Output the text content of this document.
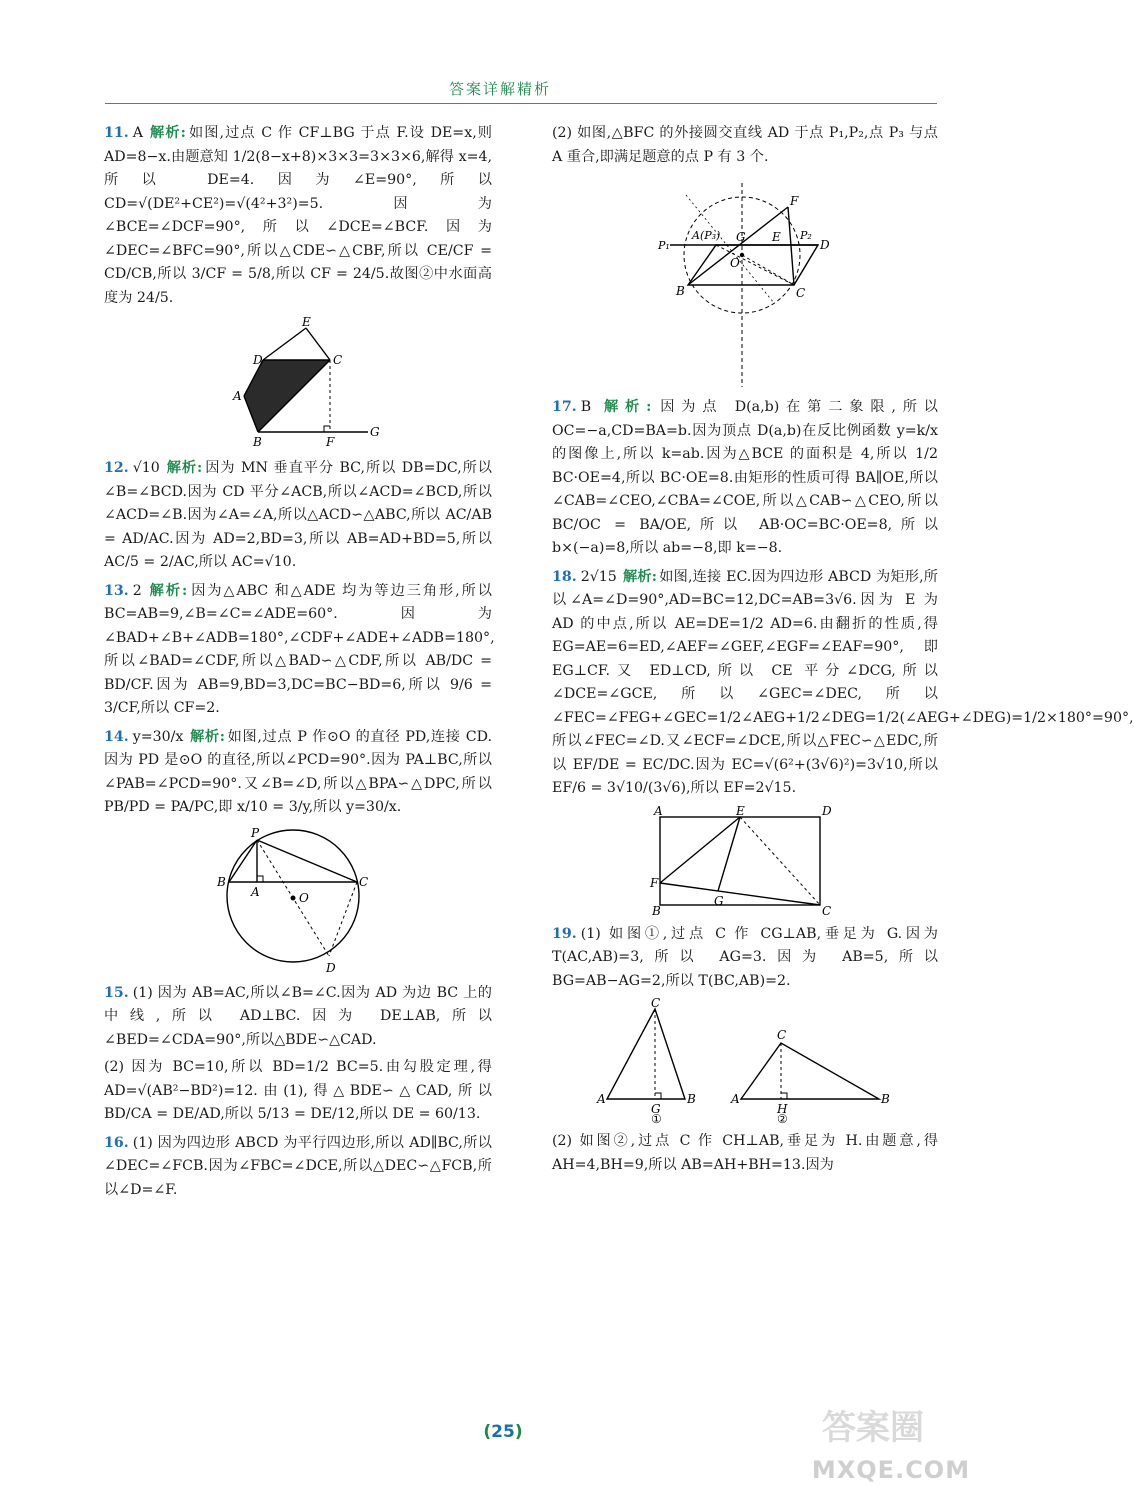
答案详解精析

11. A 解析: 如图,过点 C 作 CF⊥BG 于点 F.设 DE=x,则 AD=8−x.由题意知 1/2(8−x+8)×3×3=3×3×6,解得 x=4,所以 DE=4.因为∠E=90°,所以 CD=√(DE²+CE²)=√(4²+3²)=5.因为∠BCE=∠DCF=90°,所以∠DCE=∠BCF.因为∠DEC=∠BFC=90°,所以△CDE∽△CBF,所以 CE/CF = CD/CB,所以 3/CF = 5/8,所以 CF = 24/5.故图②中水面高度为 24/5.

E
D	C
A
B	F
G

12. √10 解析: 因为 MN 垂直平分 BC,所以 DB=DC,所以∠B=∠BCD.因为 CD 平分∠ACB,所以∠ACD=∠BCD,所以∠ACD=∠B.因为∠A=∠A,所以△ACD∽△ABC,所以 AC/AB = AD/AC.因为 AD=2,BD=3,所以 AB=AD+BD=5,所以 AC/5 = 2/AC,所以 AC=√10.

13. 2 解析: 因为△ABC 和△ADE 均为等边三角形,所以 BC=AB=9,∠B=∠C=∠ADE=60°.因为∠BAD+∠B+∠ADB=180°,∠CDF+∠ADE+∠ADB=180°,所以∠BAD=∠CDF,所以△BAD∽△CDF,所以 AB/DC = BD/CF.因为 AB=9,BD=3,DC=BC−BD=6,所以 9/6 = 3/CF,所以 CF=2.

14. y=30/x 解析: 如图,过点 P 作⊙O 的直径 PD,连接 CD.因为 PD 是⊙O 的直径,所以∠PCD=90°.因为 PA⊥BC,所以∠PAB=∠PCD=90°.又∠B=∠D,所以△BPA∽△DPC,所以 PB/PD = PA/PC,即 x/10 = 3/y,所以 y=30/x.

P
B
A	O
C
D
15. (1) 因为 AB=AC,所以∠B=∠C.因为 AD 为边 BC 上的中线,所以 AD⊥BC.因为 DE⊥AB,所以∠BED=∠CDA=90°,所以△BDE∽△CAD.
(2) 因为 BC=10,所以 BD=1/2 BC=5.由勾股定理,得 AD=√(AB²−BD²)=12.由(1),得△BDE∽△CAD,所以 BD/CA = DE/AD,所以 5/13 = DE/12,所以 DE = 60/13.
16. (1) 因为四边形 ABCD 为平行四边形,所以 AD∥BC,所以∠DEC=∠FCB.因为∠FBC=∠DCE,所以△DEC∽△FCB,所以∠D=∠F.

(2) 如图,△BFC 的外接圆交直线 AD 于点 P₁,P₂,点 P₃ 与点 A 重合,即满足题意的点 P 有 3 个.

F
A(P₃) G E P₂
D
P₁
O
B	C

17. B 解析: 因为点 D(a,b)在第二象限,所以 OC=−a,CD=BA=b.因为顶点 D(a,b)在反比例函数 y=k/x 的图像上,所以 k=ab.因为△BCE 的面积是 4,所以 1/2 BC·OE=4,所以 BC·OE=8.由矩形的性质可得 BA∥OE,所以∠CAB=∠CEO,∠CBA=∠COE,所以△CAB∽△CEO,所以 BC/OC = BA/OE,所以 AB·OC=BC·OE=8,所以 b×(−a)=8,所以 ab=−8,即 k=−8.

18. 2√15 解析: 如图,连接 EC.因为四边形 ABCD 为矩形,所以∠A=∠D=90°,AD=BC=12,DC=AB=3√6.因为 E 为 AD 的中点,所以 AE=DE=1/2 AD=6.由翻折的性质,得 EG=AE=6=ED,∠AEF=∠GEF,∠EGF=∠EAF=90°,即 EG⊥CF.又 ED⊥CD,所以 CE 平分∠DCG,所以∠DCE=∠GCE,所以∠GEC=∠DEC,所以∠FEC=∠FEG+∠GEC=1/2∠AEG+1/2∠DEG=1/2(∠AEG+∠DEG)=1/2×180°=90°,所以∠FEC=∠D.又∠ECF=∠DCE,所以△FEC∽△EDC,所以 EF/DE = EC/DC.因为 EC=√(6²+(3√6)²)=3√10,所以 EF/6 = 3√10/(3√6),所以 EF=2√15.

A	E	D
F
G
B	C
19. (1) 如图①,过点 C 作 CG⊥AB,垂足为 G.因为 T(AC,AB)=3,所以 AG=3.因为 AB=5,所以 BG=AB−AG=2,所以 T(BC,AB)=2.
C
A
G
B
①
C
A
H
B
②

(2) 如图②,过点 C 作 CH⊥AB,垂足为 H.由题意,得 AH=4,BH=9,所以 AB=AH+BH=13.因为

(25)	答案圈
MXQE.COM
